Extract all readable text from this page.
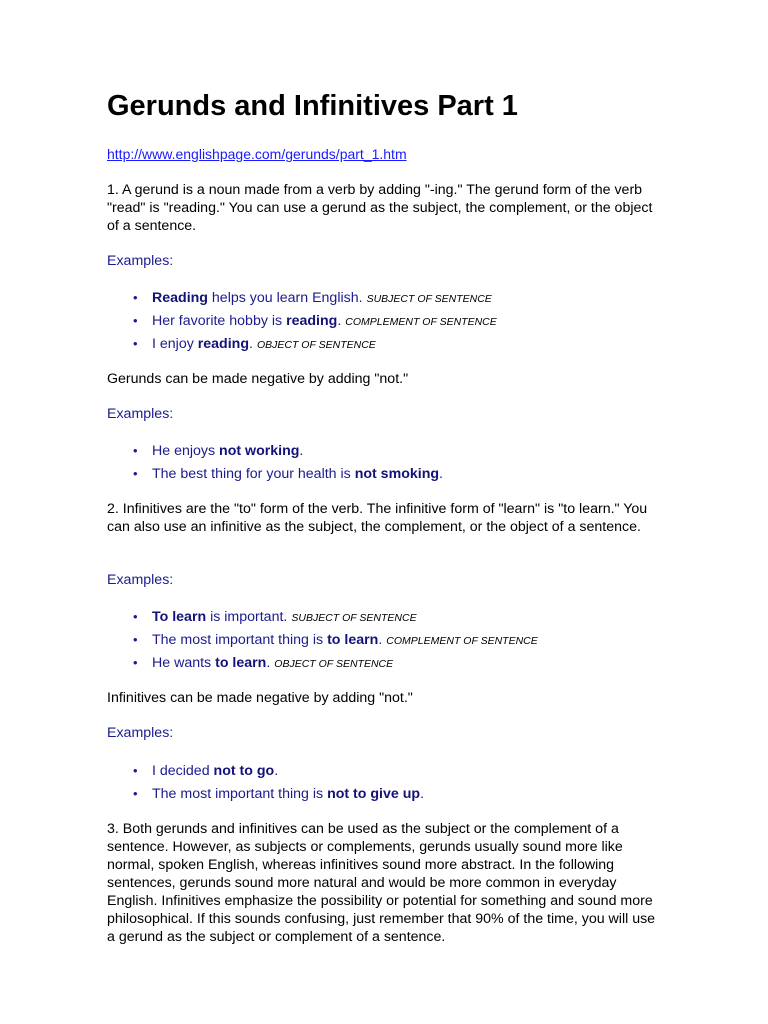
Gerunds and Infinitives Part 1
http://www.englishpage.com/gerunds/part_1.htm

1. A gerund is a noun made from a verb by adding "-ing." The gerund form of the verb "read" is "reading." You can use a gerund as the subject, the complement, or the object of a sentence.

Examples:
• Reading helps you learn English. SUBJECT OF SENTENCE
• Her favorite hobby is reading. COMPLEMENT OF SENTENCE
• I enjoy reading. OBJECT OF SENTENCE

Gerunds can be made negative by adding "not."

Examples:
• He enjoys not working.
• The best thing for your health is not smoking.

2. Infinitives are the "to" form of the verb. The infinitive form of "learn" is "to learn." You can also use an infinitive as the subject, the complement, or the object of a sentence.

Examples:
• To learn is important. SUBJECT OF SENTENCE
• The most important thing is to learn. COMPLEMENT OF SENTENCE
• He wants to learn. OBJECT OF SENTENCE

Infinitives can be made negative by adding "not."

Examples:
• I decided not to go.
• The most important thing is not to give up.

3. Both gerunds and infinitives can be used as the subject or the complement of a sentence. However, as subjects or complements, gerunds usually sound more like normal, spoken English, whereas infinitives sound more abstract. In the following sentences, gerunds sound more natural and would be more common in everyday English. Infinitives emphasize the possibility or potential for something and sound more philosophical. If this sounds confusing, just remember that 90% of the time, you will use a gerund as the subject or complement of a sentence.
